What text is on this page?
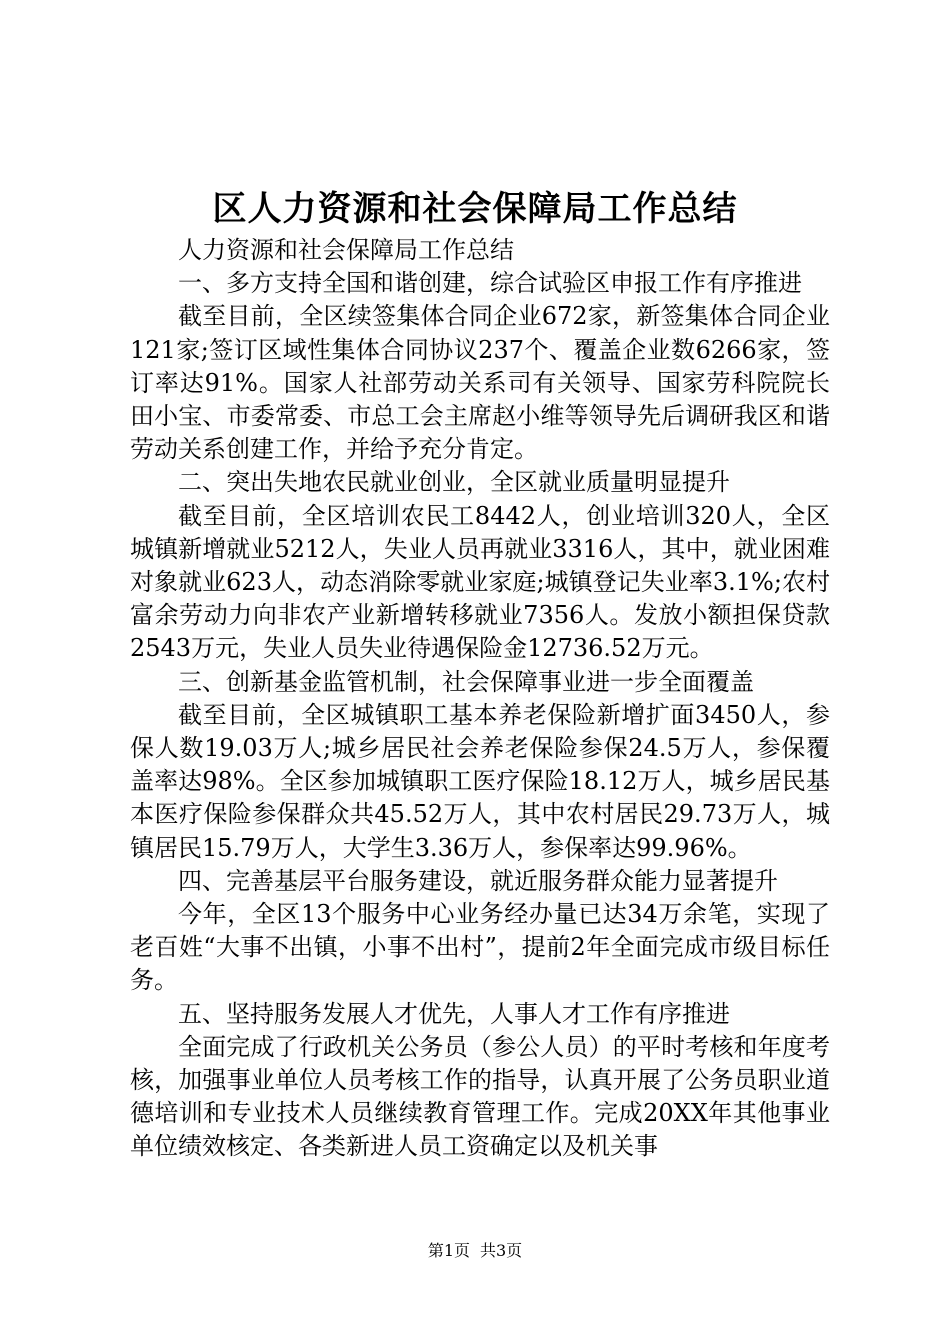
区人力资源和社会保障局工作总结

人力资源和社会保障局工作总结

一、多方支持全国和谐创建，综合试验区申报工作有序推进

截至目前，全区续签集体合同企业672家，新签集体合同企业121家;签订区域性集体合同协议237个、覆盖企业数6266家，签订率达91%。国家人社部劳动关系司有关领导、国家劳科院院长田小宝、市委常委、市总工会主席赵小维等领导先后调研我区和谐劳动关系创建工作，并给予充分肯定。

二、突出失地农民就业创业，全区就业质量明显提升

截至目前，全区培训农民工8442人，创业培训320人，全区城镇新增就业5212人，失业人员再就业3316人，其中，就业困难对象就业623人，动态消除零就业家庭;城镇登记失业率3.1%;农村富余劳动力向非农产业新增转移就业7356人。发放小额担保贷款2543万元，失业人员失业待遇保险金12736.52万元。

三、创新基金监管机制，社会保障事业进一步全面覆盖

截至目前，全区城镇职工基本养老保险新增扩面3450人，参保人数19.03万人;城乡居民社会养老保险参保24.5万人，参保覆盖率达98%。全区参加城镇职工医疗保险18.12万人，城乡居民基本医疗保险参保群众共45.52万人，其中农村居民29.73万人，城镇居民15.79万人，大学生3.36万人，参保率达99.96%。

四、完善基层平台服务建设，就近服务群众能力显著提升

今年，全区13个服务中心业务经办量已达34万余笔，实现了老百姓“大事不出镇，小事不出村”，提前2年全面完成市级目标任务。

五、坚持服务发展人才优先，人事人才工作有序推进

全面完成了行政机关公务员（参公人员）的平时考核和年度考核，加强事业单位人员考核工作的指导，认真开展了公务员职业道德培训和专业技术人员继续教育管理工作。完成20XX年其他事业单位绩效核定、各类新进人员工资确定以及机关事

第1页 共3页
